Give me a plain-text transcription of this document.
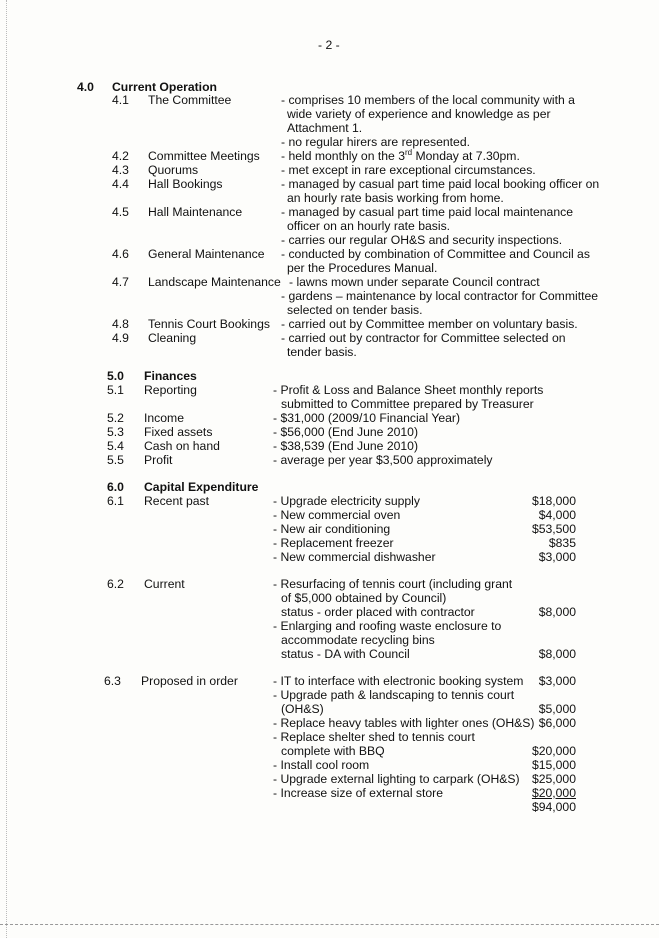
- 2 -
4.0 Current Operation
4.1 The Committee	- comprises 10 members of the local community with a
wide variety of experience and knowledge as per
Attachment 1.
- no regular hirers are represented.
4.2 Committee Meetings - held monthly on the 3rd Monday at 7.30pm.
4.3 Quorums	- met except in rare exceptional circumstances.
4.4 Hall Bookings	- managed by casual part time paid local booking officer on
an hourly rate basis working from home.
4.5 Hall Maintenance	- managed by casual part time paid local maintenance
officer on an hourly rate basis.
- carries our regular OH&S and security inspections.
4.6 General Maintenance - conducted by combination of Committee and Council as
per the Procedures Manual.
4.7 Landscape Maintenance - lawns mown under separate Council contract
- gardens – maintenance by local contractor for Committee
selected on tender basis.
4.8 Tennis Court Bookings - carried out by Committee member on voluntary basis.
4.9 Cleaning	- carried out by contractor for Committee selected on
tender basis.
5.0 Finances
5.1 Reporting	- Profit & Loss and Balance Sheet monthly reports
submitted to Committee prepared by Treasurer
5.2 Income	- $31,000 (2009/10 Financial Year)
5.3 Fixed assets	- $56,000 (End June 2010)
5.4 Cash on hand	- $38,539 (End June 2010)
5.5 Profit	- average per year $3,500 approximately
6.0 Capital Expenditure
6.1 Recent past	- Upgrade electricity supply	$18,000
- New commercial oven	$4,000
- New air conditioning	$53,500
- Replacement freezer	$835
- New commercial dishwasher	$3,000
6.2 Current	- Resurfacing of tennis court (including grant
of $5,000 obtained by Council)
status - order placed with contractor	$8,000
- Enlarging and roofing waste enclosure to
accommodate recycling bins
status - DA with Council	$8,000
6.3 Proposed in order	- IT to interface with electronic booking system	$3,000
- Upgrade path & landscaping to tennis court
(OH&S)	$5,000
- Replace heavy tables with lighter ones (OH&S) $6,000
- Replace shelter shed to tennis court
complete with BBQ	$20,000
- Install cool room	$15,000
- Upgrade external lighting to carpark (OH&S)	$25,000
- Increase size of external store	$20,000
$94,000
